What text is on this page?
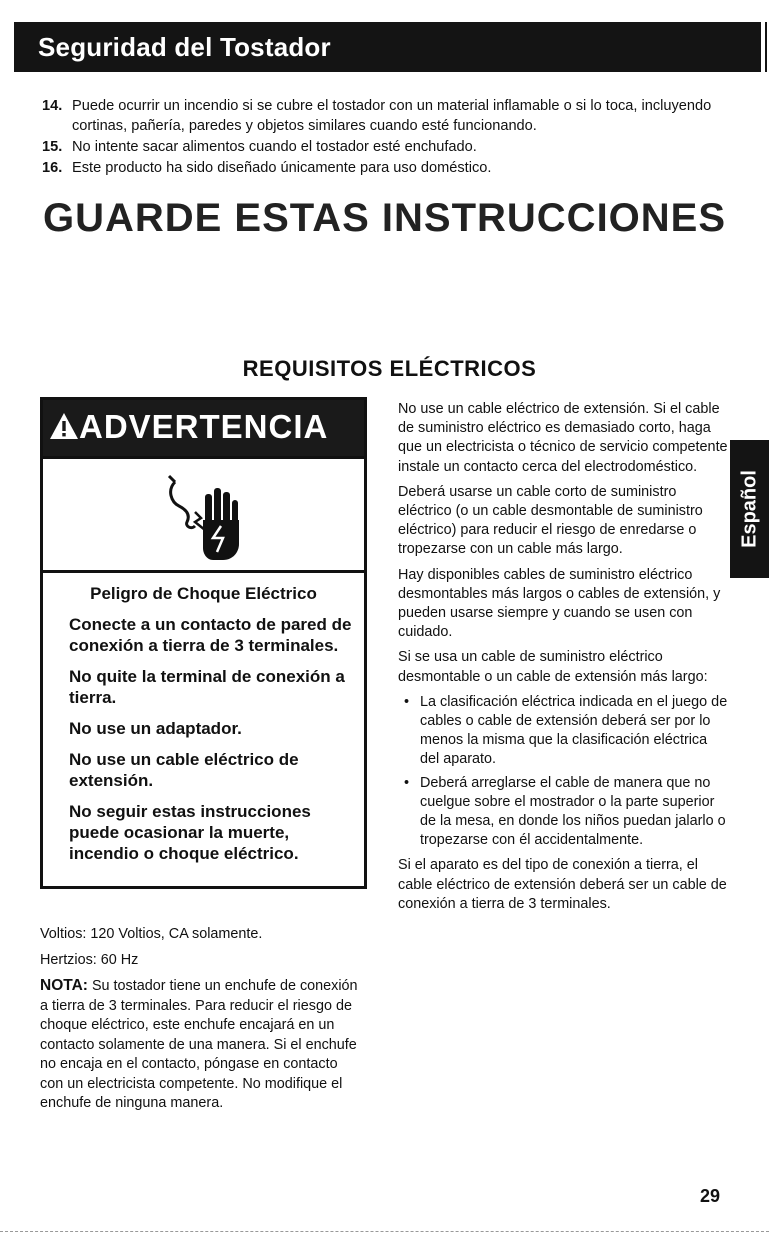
Seguridad del Tostador
14. Puede ocurrir un incendio si se cubre el tostador con un material inflamable o si lo toca, incluyendo cortinas, pañería, paredes y objetos similares cuando esté funcionando.
15. No intente sacar alimentos cuando el tostador esté enchufado.
16. Este producto ha sido diseñado únicamente para uso doméstico.
GUARDE ESTAS INSTRUCCIONES
REQUISITOS ELÉCTRICOS
ADVERTENCIA
Peligro de Choque Eléctrico
Conecte a un contacto de pared de conexión a tierra de 3 terminales.
No quite la terminal de conexión a tierra.
No use un adaptador.
No use un cable eléctrico de extensión.
No seguir estas instrucciones puede ocasionar la muerte, incendio o choque eléctrico.

Voltios: 120 Voltios, CA solamente.

Hertzios: 60 Hz

NOTA: Su tostador tiene un enchufe de conexión a tierra de 3 terminales. Para reducir el riesgo de choque eléctrico, este enchufe encajará en un contacto solamente de una manera. Si el enchufe no encaja en el contacto, póngase en contacto con un electricista competente. No modifique el enchufe de ninguna manera.

No use un cable eléctrico de extensión. Si el cable de suministro eléctrico es demasiado corto, haga que un electricista o técnico de servicio competente instale un contacto cerca del electrodoméstico.

Deberá usarse un cable corto de suministro eléctrico (o un cable desmontable de suministro eléctrico) para reducir el riesgo de enredarse o tropezarse con un cable más largo.

Hay disponibles cables de suministro eléctrico desmontables más largos o cables de extensión, y pueden usarse siempre y cuando se usen con cuidado.

Si se usa un cable de suministro eléctrico desmontable o un cable de extensión más largo:

• La clasificación eléctrica indicada en el juego de cables o cable de extensión deberá ser por lo menos la misma que la clasificación eléctrica del aparato.
• Deberá arreglarse el cable de manera que no cuelgue sobre el mostrador o la parte superior de la mesa, en donde los niños puedan jalarlo o tropezarse con él accidentalmente.

Si el aparato es del tipo de conexión a tierra, el cable eléctrico de extensión deberá ser un cable de conexión a tierra de 3 terminales.

Español
29
